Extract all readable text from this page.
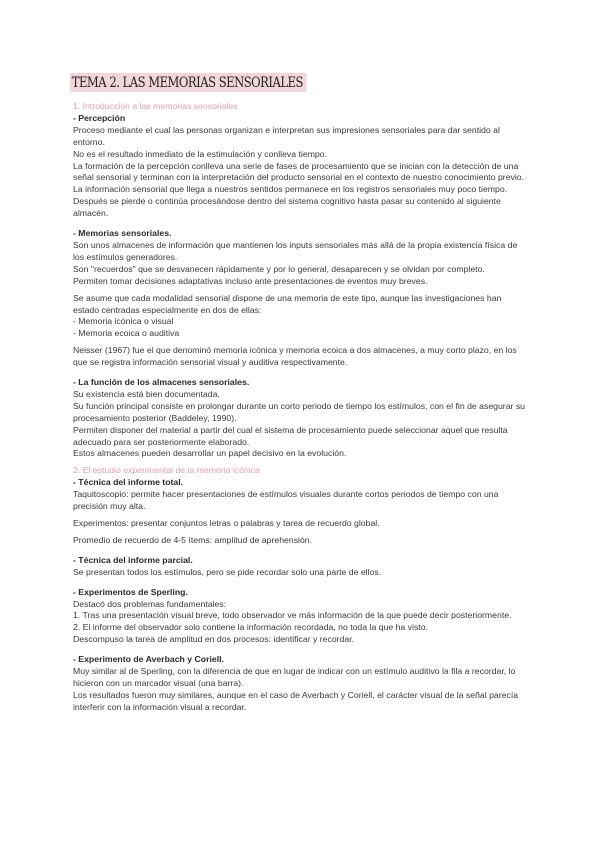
TEMA 2. LAS MEMORIAS SENSORIALES

1. Introducción a las memorias sensoriales

- Percepción

Proceso mediante el cual las personas organizan e interpretan sus impresiones sensoriales para dar sentido al entorno.

No es el resultado inmediato de la estimulación y conlleva tiempo.

La formación de la percepción conlleva una serie de fases de procesamiento que se inician con la detección de una señal sensorial y terminan con la interpretación del producto sensorial en el contexto de nuestro conocimiento previo.

La información sensorial que llega a nuestros sentidos permanece en los registros sensoriales muy poco tiempo. Después se pierde o continúa procesándose dentro del sistema cognitivo hasta pasar su contenido al siguiente almacén.

- Memorias sensoriales.

Son unos almacenes de información que mantienen los inputs sensoriales más allá de la propia existencia física de los estímulos generadores.

Son "recuerdos" que se desvanecen rápidamente y por lo general, desaparecen y se olvidan por completo.

Permiten tomar decisiones adaptativas incluso ante presentaciones de eventos muy breves.

Se asume que cada modalidad sensorial dispone de una memoria de este tipo, aunque las investigaciones han estado centradas especialmente en dos de ellas:

- Memoria icónica o visual

- Memoria ecoica o auditiva

Neisser (1967) fue el que denominó memoria icónica y memoria ecoica a dos almacenes, a muy corto plazo, en los que se registra información sensorial visual y auditiva respectivamente.

- La función de los almacenes sensoriales.

Su existencia está bien documentada.

Su función principal consiste en prolongar durante un corto periodo de tiempo los estímulos, con el fin de asegurar su procesamiento posterior (Baddeley, 1990).

Permiten disponer del material a partir del cual el sistema de procesamiento puede seleccionar aquel que resulta adecuado para ser posteriormente elaborado.

Estos almacenes pueden desarrollar un papel decisivo en la evolución.

2. El estudio experimental de la memoria icónica

- Técnica del informe total.

Taquitoscopio: permite hacer presentaciones de estímulos visuales durante cortos periodos de tiempo con una precisión muy alta.

Experimentos: presentar conjuntos letras o palabras y tarea de recuerdo global.

Promedio de recuerdo de 4-5 ítems: amplitud de aprehensión.

- Técnica del informe parcial.

Se presentan todos los estímulos, pero se pide recordar solo una parte de ellos.

- Experimentos de Sperling.

Destacó dos problemas fundamentales:

1. Tras una presentación visual breve, todo observador ve más información de la que puede decir posteriormente.

2. El informe del observador solo contiene la información recordada, no toda la que ha visto.

Descompuso la tarea de amplitud en dos procesos: identificar y recordar.

- Experimento de Averbach y Coriell.

Muy similar al de Sperling, con la diferencia de que en lugar de indicar con un estímulo auditivo la fila a recordar, lo hicieron con un marcador visual (una barra).

Los resultados fueron muy similares, aunque en el caso de Averbach y Coriell, el carácter visual de la señal parecía interferir con la información visual a recordar.
